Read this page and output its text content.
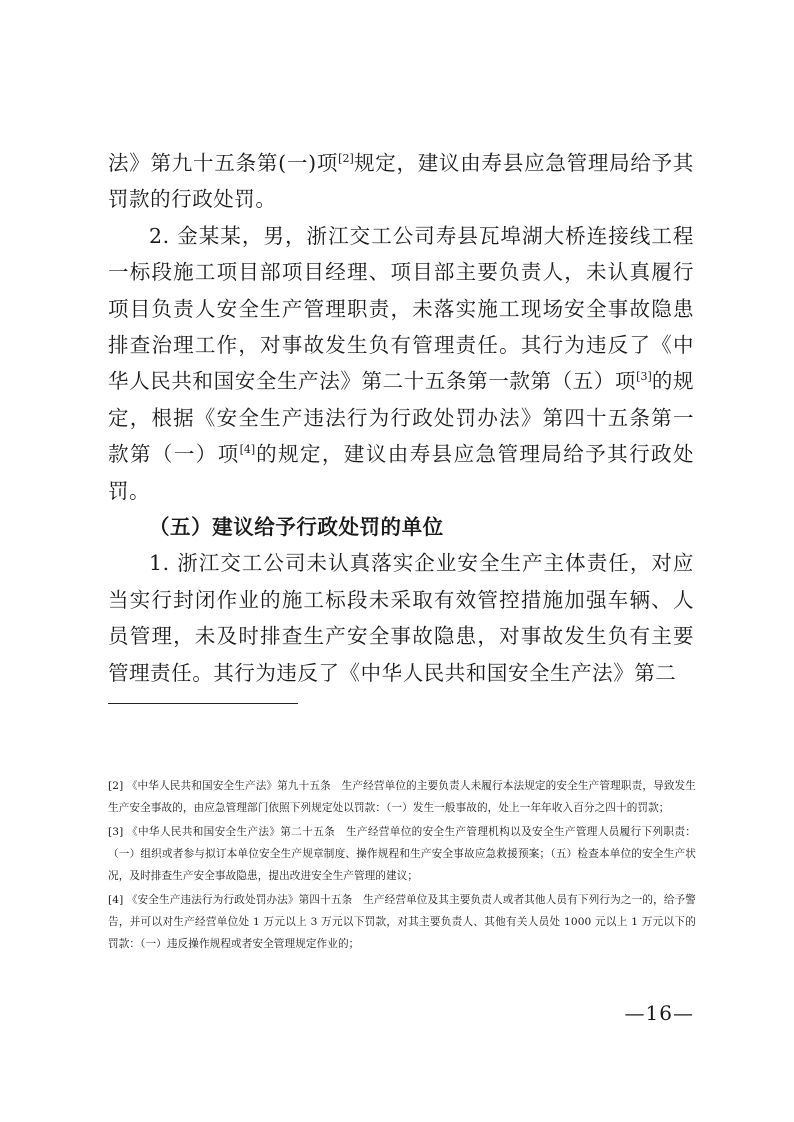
法》第九十五条第(一)项[2]规定，建议由寿县应急管理局给予其罚款的行政处罚。

2. 金某某，男，浙江交工公司寿县瓦埠湖大桥连接线工程一标段施工项目部项目经理、项目部主要负责人，未认真履行项目负责人安全生产管理职责，未落实施工现场安全事故隐患排查治理工作，对事故发生负有管理责任。其行为违反了《中华人民共和国安全生产法》第二十五条第一款第（五）项[3]的规定，根据《安全生产违法行为行政处罚办法》第四十五条第一款第（一）项[4]的规定，建议由寿县应急管理局给予其行政处罚。

（五）建议给予行政处罚的单位

1. 浙江交工公司未认真落实企业安全生产主体责任，对应当实行封闭作业的施工标段未采取有效管控措施加强车辆、人员管理，未及时排查生产安全事故隐患，对事故发生负有主要管理责任。其行为违反了《中华人民共和国安全生产法》第二

[2] 《中华人民共和国安全生产法》第九十五条　生产经营单位的主要负责人未履行本法规定的安全生产管理职责，导致发生生产安全事故的，由应急管理部门依照下列规定处以罚款：（一）发生一般事故的，处上一年年收入百分之四十的罚款；

[3] 《中华人民共和国安全生产法》第二十五条　生产经营单位的安全生产管理机构以及安全生产管理人员履行下列职责：（一）组织或者参与拟订本单位安全生产规章制度、操作规程和生产安全事故应急救援预案；（五）检查本单位的安全生产状况，及时排查生产安全事故隐患，提出改进安全生产管理的建议；

[4] 《安全生产违法行为行政处罚办法》第四十五条　生产经营单位及其主要负责人或者其他人员有下列行为之一的，给予警告，并可以对生产经营单位处 1 万元以上 3 万元以下罚款，对其主要负责人、其他有关人员处 1000 元以上 1 万元以下的罚款：（一）违反操作规程或者安全管理规定作业的；

—16—
